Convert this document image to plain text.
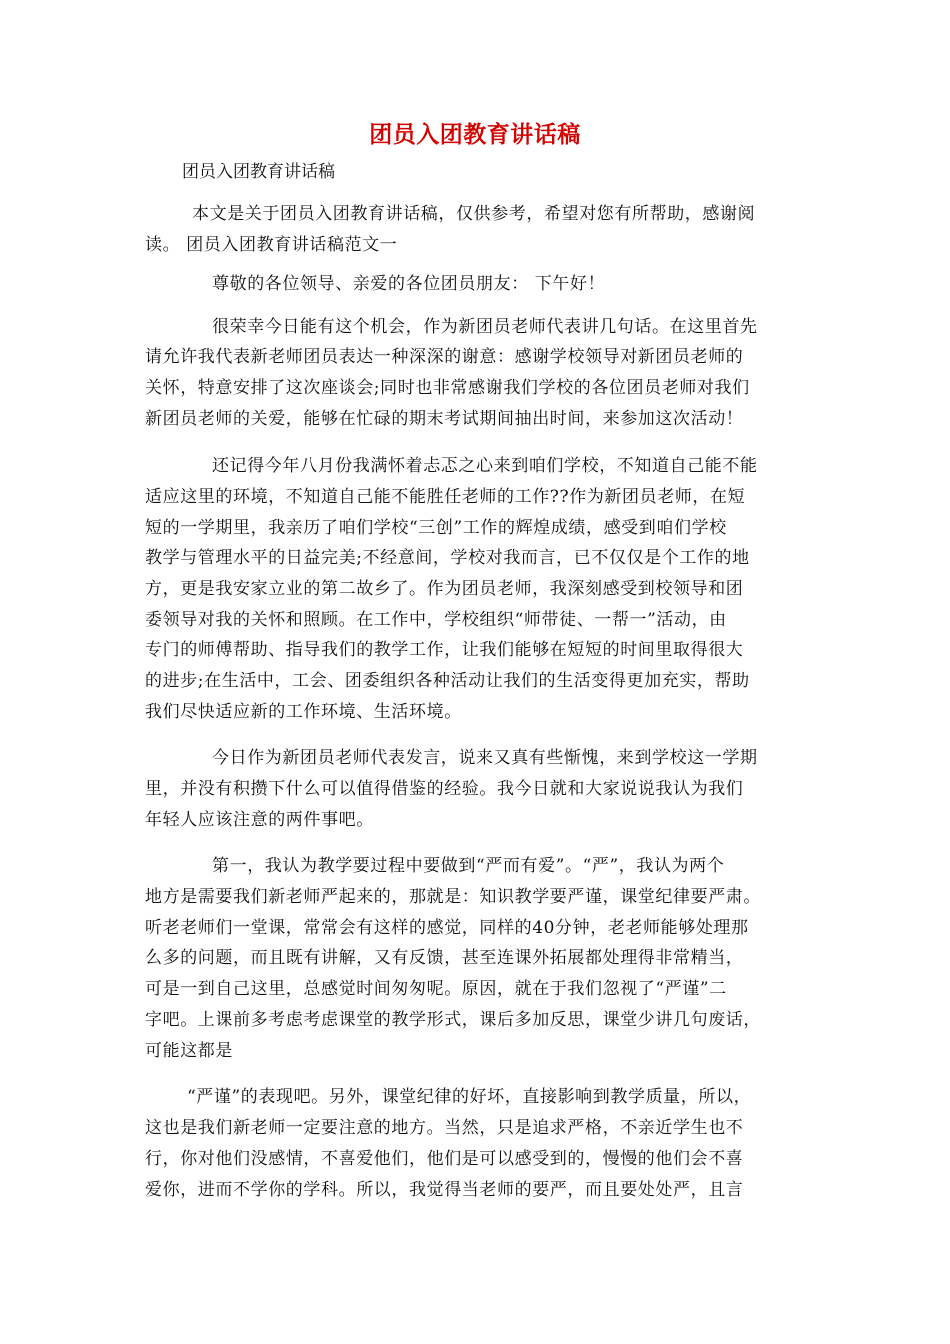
团员入团教育讲话稿
团员入团教育讲话稿
本文是关于团员入团教育讲话稿，仅供参考，希望对您有所帮助，感谢阅
读。 团员入团教育讲话稿范文一
尊敬的各位领导、亲爱的各位团员朋友： 下午好！
很荣幸今日能有这个机会，作为新团员老师代表讲几句话。在这里首先
请允许我代表新老师团员表达一种深深的谢意：感谢学校领导对新团员老师的
关怀，特意安排了这次座谈会;同时也非常感谢我们学校的各位团员老师对我们
新团员老师的关爱，能够在忙碌的期末考试期间抽出时间，来参加这次活动！
还记得今年八月份我满怀着忐忑之心来到咱们学校，不知道自己能不能
适应这里的环境，不知道自己能不能胜任老师的工作??作为新团员老师，在短
短的一学期里，我亲历了咱们学校“三创”工作的辉煌成绩，感受到咱们学校
教学与管理水平的日益完美;不经意间，学校对我而言，已不仅仅是个工作的地
方，更是我安家立业的第二故乡了。作为团员老师，我深刻感受到校领导和团
委领导对我的关怀和照顾。在工作中，学校组织“师带徒、一帮一”活动，由
专门的师傅帮助、指导我们的教学工作，让我们能够在短短的时间里取得很大
的进步;在生活中，工会、团委组织各种活动让我们的生活变得更加充实，帮助
我们尽快适应新的工作环境、生活环境。
今日作为新团员老师代表发言，说来又真有些惭愧，来到学校这一学期
里，并没有积攒下什么可以值得借鉴的经验。我今日就和大家说说我认为我们
年轻人应该注意的两件事吧。
第一，我认为教学要过程中要做到“严而有爱”。“严”，我认为两个
地方是需要我们新老师严起来的，那就是：知识教学要严谨，课堂纪律要严肃。
听老老师们一堂课，常常会有这样的感觉，同样的40分钟，老老师能够处理那
么多的问题，而且既有讲解，又有反馈，甚至连课外拓展都处理得非常精当，
可是一到自己这里，总感觉时间匆匆呢。原因，就在于我们忽视了“严谨”二
字吧。上课前多考虑考虑课堂的教学形式，课后多加反思，课堂少讲几句废话，
可能这都是
“严谨”的表现吧。另外，课堂纪律的好坏，直接影响到教学质量，所以，
这也是我们新老师一定要注意的地方。当然，只是追求严格，不亲近学生也不
行，你对他们没感情，不喜爱他们，他们是可以感受到的，慢慢的他们会不喜
爱你，进而不学你的学科。所以，我觉得当老师的要严，而且要处处严，且言
